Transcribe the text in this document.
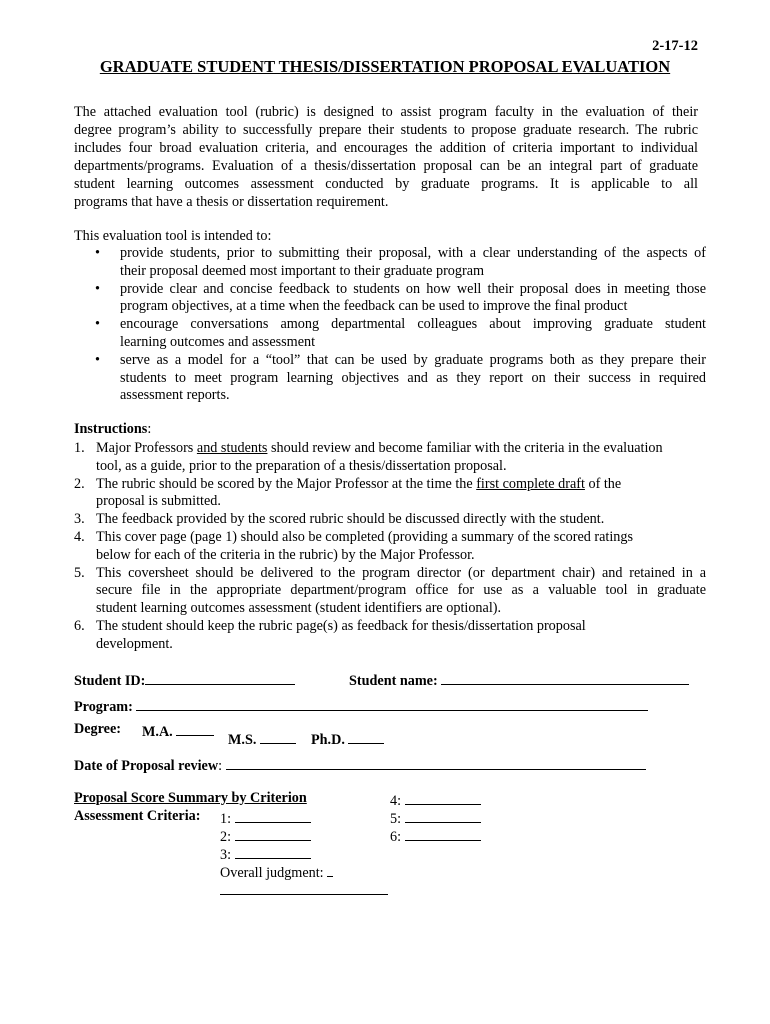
2-17-12
GRADUATE STUDENT THESIS/DISSERTATION PROPOSAL EVALUATION
The attached evaluation tool (rubric) is designed to assist program faculty in the evaluation of their
degree program’s ability to successfully prepare their students to propose graduate research. The rubric
includes four broad evaluation criteria, and encourages the addition of criteria important to individual
departments/programs. Evaluation of a thesis/dissertation proposal can be an integral part of graduate
student learning outcomes assessment conducted by graduate programs. It is applicable to all
programs that have a thesis or dissertation requirement.
This evaluation tool is intended to:
• provide students, prior to submitting their proposal, with a clear understanding of the aspects of
their proposal deemed most important to their graduate program
• provide clear and concise feedback to students on how well their proposal does in meeting those
program objectives, at a time when the feedback can be used to improve the final product
• encourage conversations among departmental colleagues about improving graduate student
learning outcomes and assessment
• serve as a model for a “tool” that can be used by graduate programs both as they prepare their
students to meet program learning objectives and as they report on their success in required
assessment reports.
Instructions:
1. Major Professors and students should review and become familiar with the criteria in the evaluation
tool, as a guide, prior to the preparation of a thesis/dissertation proposal.
2. The rubric should be scored by the Major Professor at the time the first complete draft of the
proposal is submitted.
3. The feedback provided by the scored rubric should be discussed directly with the student.
4. This cover page (page 1) should also be completed (providing a summary of the scored ratings
below for each of the criteria in the rubric) by the Major Professor.
5. This coversheet should be delivered to the program director (or department chair) and retained in a
secure file in the appropriate department/program office for use as a valuable tool in graduate
student learning outcomes assessment (student identifiers are optional).
6. The student should keep the rubric page(s) as feedback for thesis/dissertation proposal
development.
Student ID:	Student name:
Program:
Degree: M.A.	M.S.	Ph.D.
Date of Proposal review:
Proposal Score Summary by Criterion
Assessment Criteria: 1:
2:
3:
Overall judgment:
4:
5:
6:
